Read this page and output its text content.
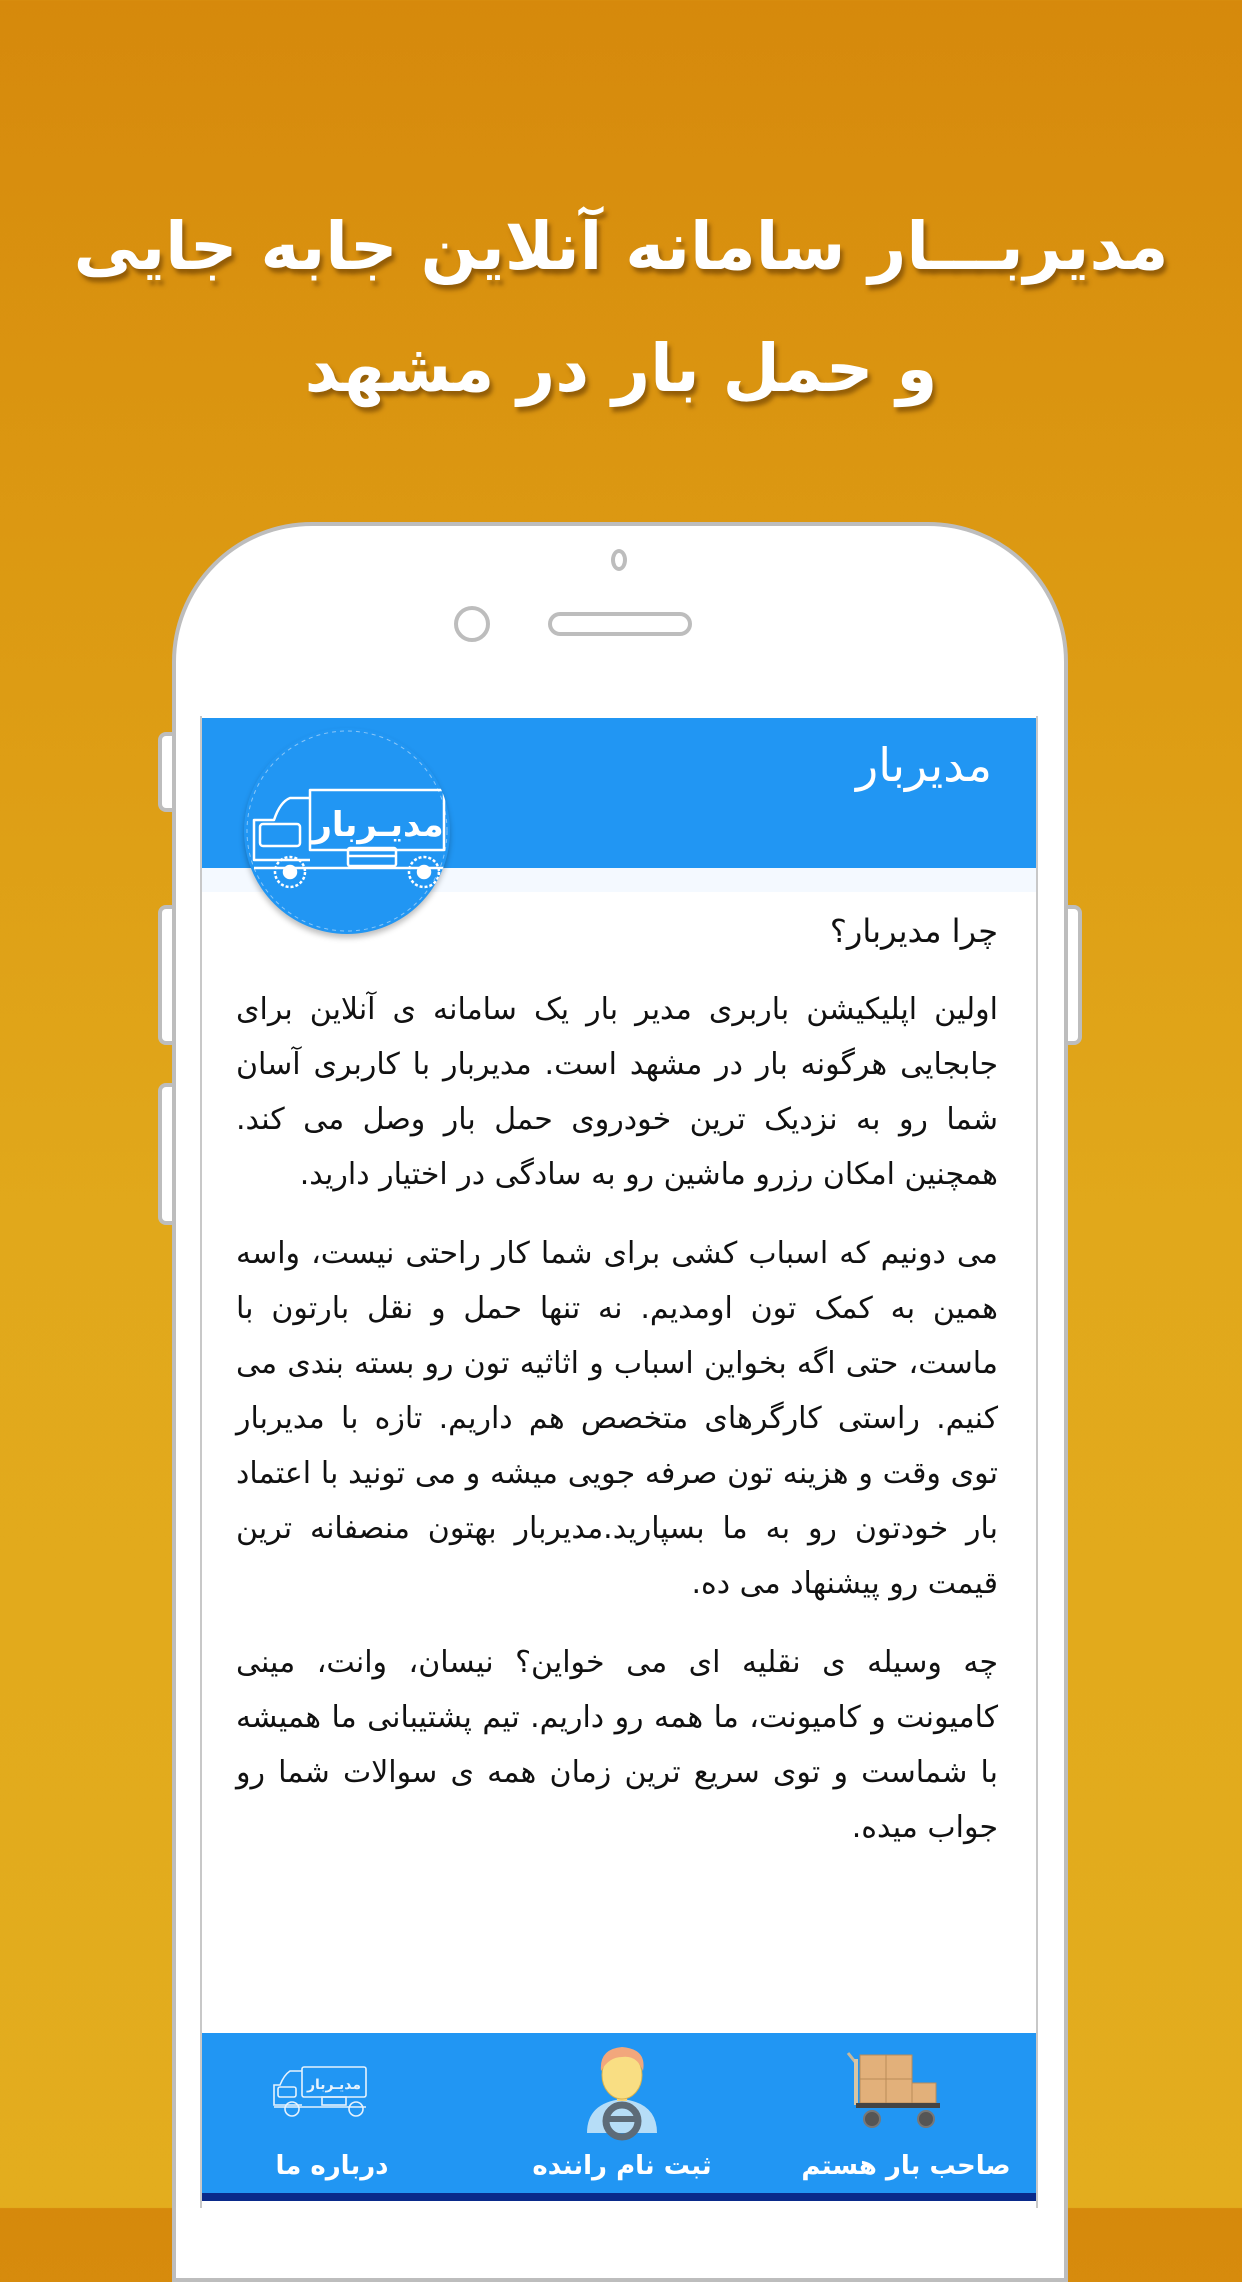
مدیربـــار سامانه آنلاین جابه جایی
و حمل بار در مشهد
مدیربار
مدیـربار
چرا مدیربار؟

اولین اپلیکیشن باربری مدیر بار یک سامانه ی آنلاین برای جابجایی هرگونه بار در مشهد است. مدیربار با کاربری آسان شما رو به نزدیک ترین خودروی حمل بار وصل می کند. همچنین امکان رزرو ماشین رو به سادگی در اختیار دارید.

می دونیم که اسباب کشی برای شما کار راحتی نیست، واسه همین به کمک تون اومدیم. نه تنها حمل و نقل بارتون با ماست، حتی اگه بخواین اسباب و اثاثیه تون رو بسته بندی می کنیم. راستی کارگرهای متخصص هم داریم. تازه با مدیربار توی وقت و هزینه تون صرفه جویی میشه و می تونید با اعتماد بار خودتون رو به ما بسپارید.مدیربار بهتون منصفانه ترین قیمت رو پیشنهاد می ده.

چه وسیله ی نقلیه ای می خواین؟ نیسان، وانت، مینی کامیونت و کامیونت، ما همه رو داریم. تیم پشتیبانی ما همیشه با شماست و توی سریع ترین زمان همه ی سوالات شما رو جواب میده.

صاحب بار هستم
ثبت نام راننده
مدیـربار
درباره ما
